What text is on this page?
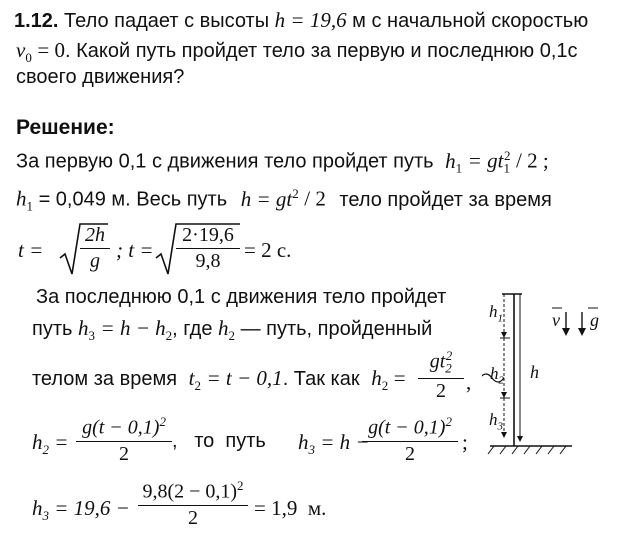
1.12. Тело падает с высоты h = 19,6 м с начальной скоростью
$v_0 = 0$. Какой путь пройдет тело за первую и последнюю 0,1с
своего движения?
Решение:
За первую 0,1 с движения тело пройдет путь $h_1 = gt_1^2 / 2$ ;
$h_1 = 0,049$ м. Весь путь $h = gt^2 / 2$ тело пройдет за время
t =
2h
g ; t =
2·19,6
9,8	= 2 с.
За последнюю 0,1 с движения тело пройдет
путь $h_3 = h - h_2$, где $h_2$ — путь, пройденный
телом за время $t_2 = t - 0,1$. Так как $h_2$ =
$gt_2^2$
2 ,
$h_2$ =
$g(t - 0,1)^2$
2
,   то  путь $h_3 = h$ −
$g(t - 0,1)^2$
2	;
$h_3 = 19,6$ −
$9,8(2 - 0,1)^2$
2	= 1,9  м.
$h_1$
$h_2$
$h_3$
h
v g
